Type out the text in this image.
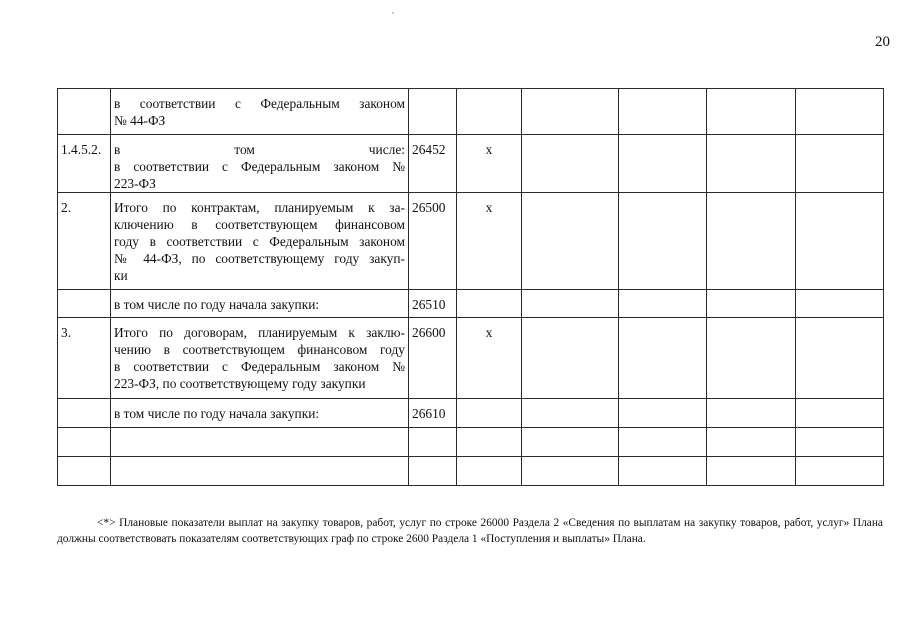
20

	в соответствии с Федеральным законом
№ 44-ФЗ						

1.4.5.2.	в том числе:
в соответствии с Федеральным законом №
223-ФЗ	26452	x				
2.	Итого по контрактам, планируемым к за-
ключению в соответствующем финансовом
году в соответствии с Федеральным законом
№ 44-ФЗ, по соответствующему году закуп-
ки	26500	x				

	в том числе по году начала закупки:	26510					
3.	Итого по договорам, планируемым к заклю-
чению в соответствующем финансовом году
в соответствии с Федеральным законом №
223-ФЗ, по соответствующему году закупки	26600	x				

	в том числе по году начала закупки:	26610					

<*> Плановые показатели выплат на закупку товаров, работ, услуг по строке 26000 Раздела 2 «Сведения по выплатам на закупку товаров, работ, услуг» Плана должны соответствовать показателям соответствующих граф по строке 2600 Раздела 1 «Поступления и выплаты» Плана.
